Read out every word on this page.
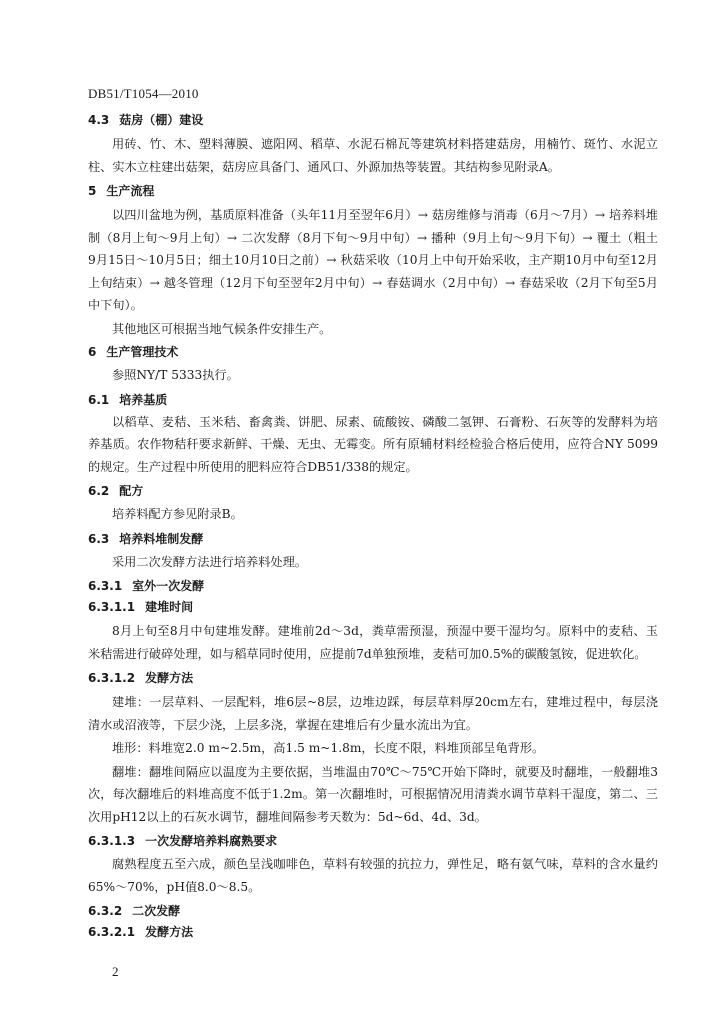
DB51/T1054—2010
4.3 菇房（棚）建设

用砖、竹、木、塑料薄膜、遮阳网、稻草、水泥石棉瓦等建筑材料搭建菇房，用楠竹、斑竹、水泥立柱、实木立柱建出菇架，菇房应具备门、通风口、外源加热等装置。其结构参见附录A。

5 生产流程

以四川盆地为例，基质原料准备（头年11月至翌年6月）→ 菇房维修与消毒（6月～7月）→ 培养料堆制（8月上旬～9月上旬）→ 二次发酵（8月下旬～9月中旬）→ 播种（9月上旬～9月下旬）→ 覆土（粗土9月15日～10月5日；细土10月10日之前）→ 秋菇采收（10月上中旬开始采收，主产期10月中旬至12月上旬结束）→ 越冬管理（12月下旬至翌年2月中旬）→ 春菇调水（2月中旬）→ 春菇采收（2月下旬至5月中下旬）。

其他地区可根据当地气候条件安排生产。

6 生产管理技术

参照NY/T 5333执行。

6.1 培养基质

以稻草、麦秸、玉米秸、畜禽粪、饼肥、尿素、硫酸铵、磷酸二氢钾、石膏粉、石灰等的发酵料为培养基质。农作物秸秆要求新鲜、干燥、无虫、无霉变。所有原辅材料经检验合格后使用，应符合NY 5099的规定。生产过程中所使用的肥料应符合DB51/338的规定。

6.2 配方

培养料配方参见附录B。

6.3 培养料堆制发酵

采用二次发酵方法进行培养料处理。

6.3.1 室外一次发酵
6.3.1.1 建堆时间

8月上旬至8月中旬建堆发酵。建堆前2d～3d，粪草需预湿，预湿中要干湿均匀。原料中的麦秸、玉米秸需进行破碎处理，如与稻草同时使用，应提前7d单独预堆，麦秸可加0.5%的碳酸氢铵，促进软化。

6.3.1.2 发酵方法

建堆：一层草料、一层配料，堆6层~8层，边堆边踩，每层草料厚20cm左右，建堆过程中，每层浇清水或沼液等，下层少浇，上层多浇，掌握在建堆后有少量水流出为宜。

堆形：料堆宽2.0 m~2.5m，高1.5 m~1.8m，长度不限，料堆顶部呈龟背形。

翻堆：翻堆间隔应以温度为主要依据，当堆温由70℃～75℃开始下降时，就要及时翻堆，一般翻堆3次，每次翻堆后的料堆高度不低于1.2m。第一次翻堆时，可根据情况用清粪水调节草料干湿度，第二、三次用pH12以上的石灰水调节，翻堆间隔参考天数为：5d~6d、4d、3d。

6.3.1.3 一次发酵培养料腐熟要求

腐熟程度五至六成，颜色呈浅咖啡色，草料有较强的抗拉力，弹性足，略有氨气味，草料的含水量约65%～70%，pH值8.0～8.5。

6.3.2 二次发酵
6.3.2.1 发酵方法
2
